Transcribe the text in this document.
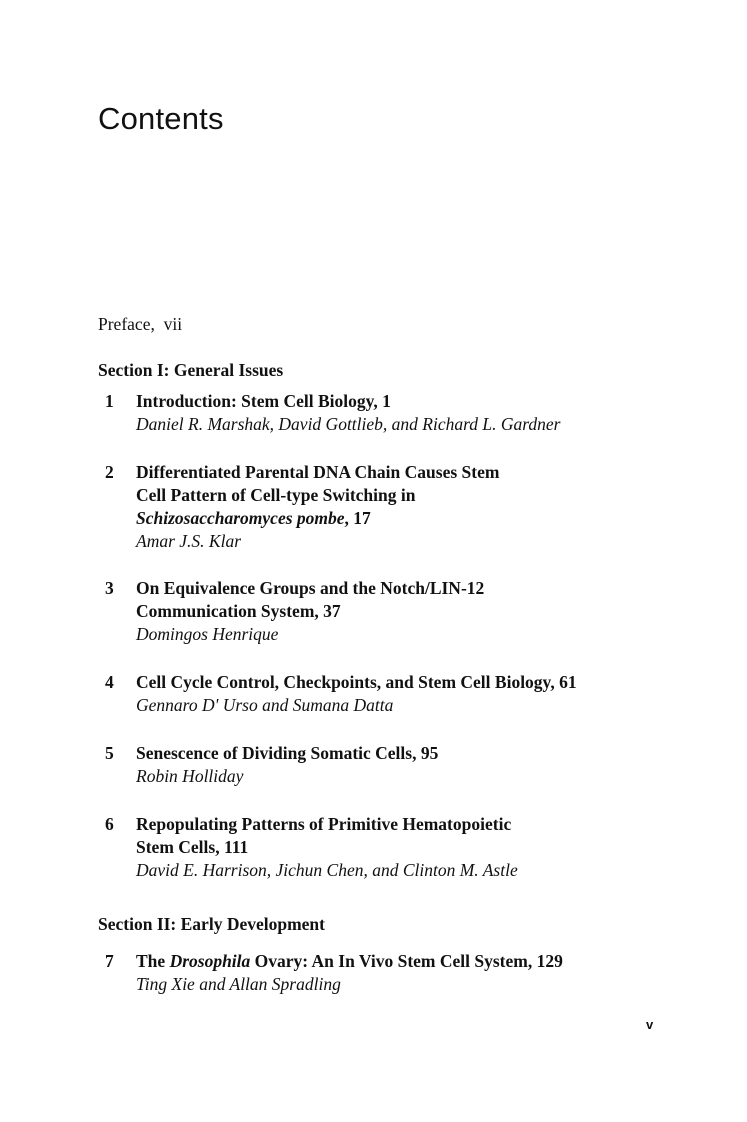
Contents
Preface, vii
Section I: General Issues
1 Introduction: Stem Cell Biology, 1
Daniel R. Marshak, David Gottlieb, and Richard L. Gardner
2 Differentiated Parental DNA Chain Causes Stem
Cell Pattern of Cell-type Switching in
Schizosaccharomyces pombe, 17
Amar J.S. Klar
3 On Equivalence Groups and the Notch/LIN-12
Communication System, 37
Domingos Henrique
4 Cell Cycle Control, Checkpoints, and Stem Cell Biology, 61
Gennaro D' Urso and Sumana Datta
5 Senescence of Dividing Somatic Cells, 95
Robin Holliday
6 Repopulating Patterns of Primitive Hematopoietic
Stem Cells, 111
David E. Harrison, Jichun Chen, and Clinton M. Astle
Section II: Early Development
7 The Drosophila Ovary: An In Vivo Stem Cell System, 129
Ting Xie and Allan Spradling
v
